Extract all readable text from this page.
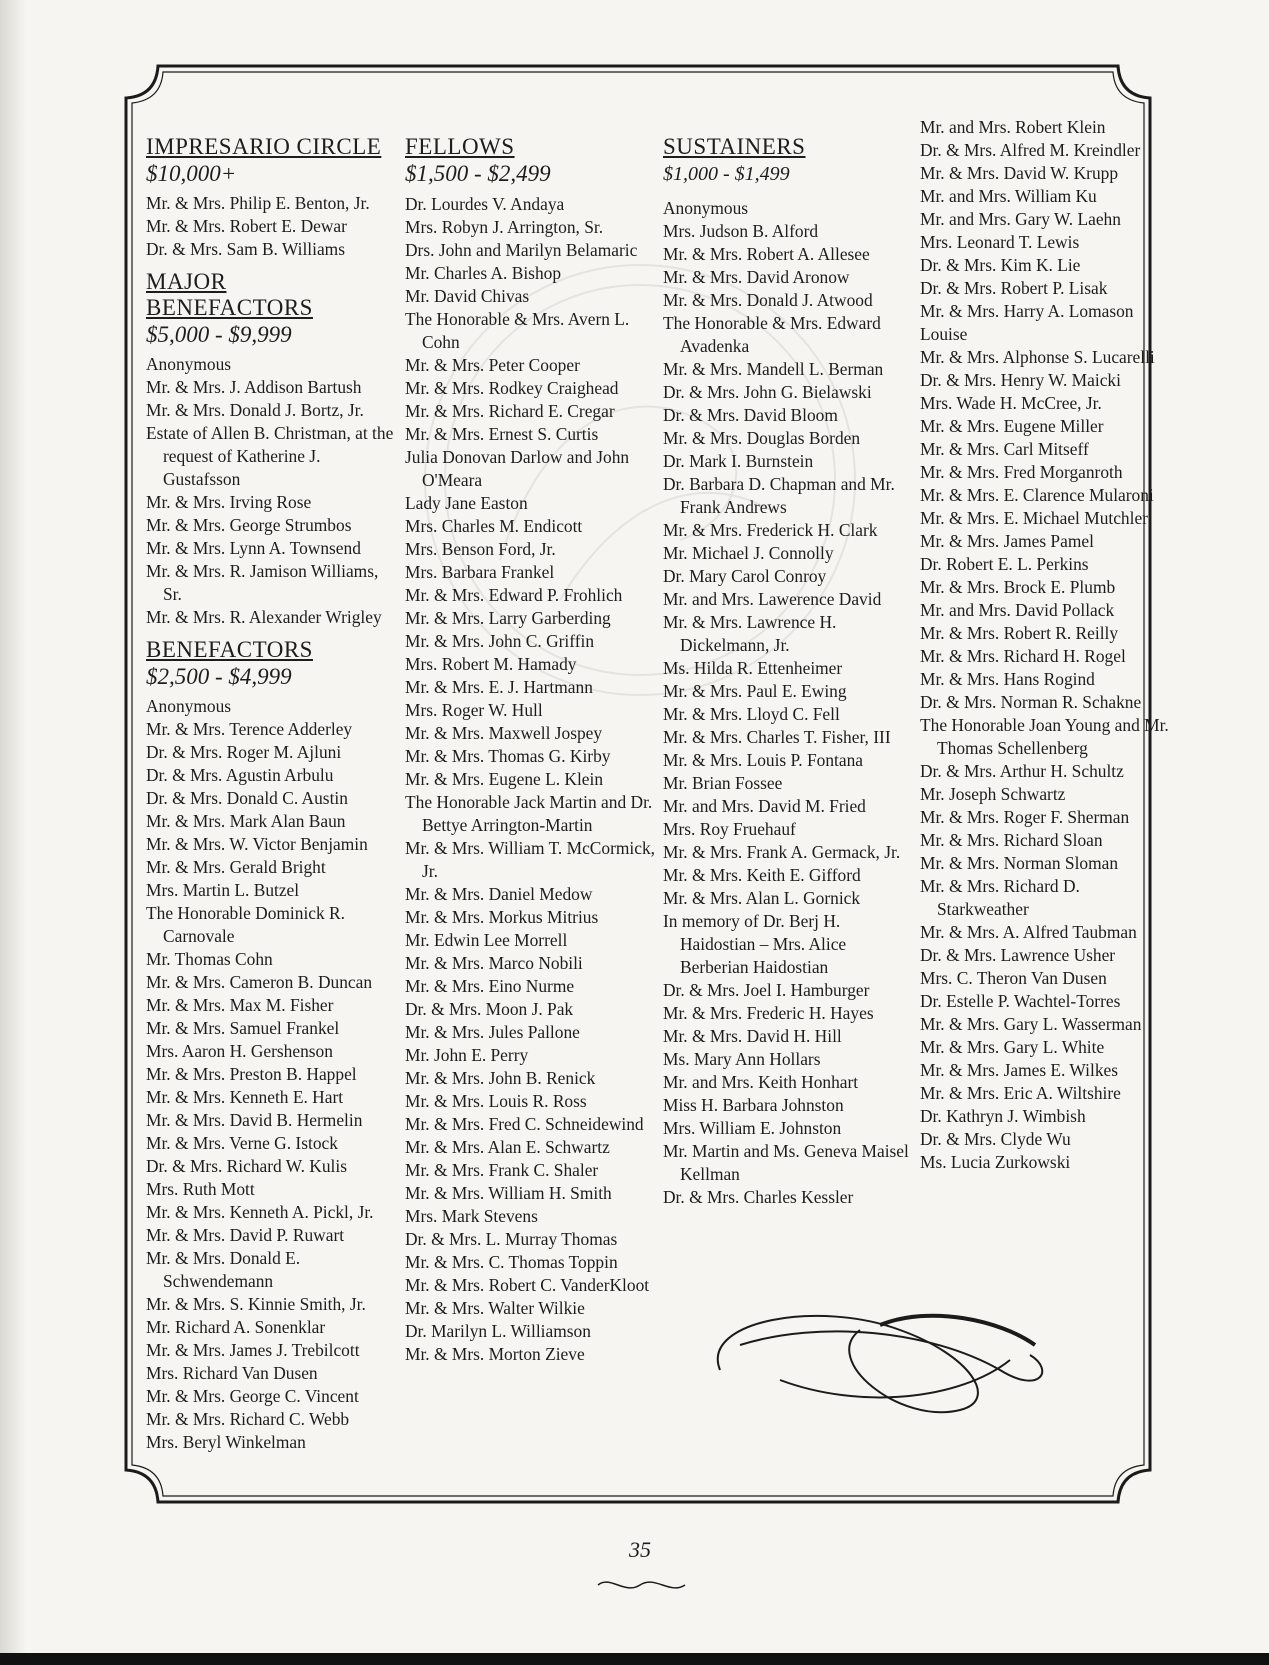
IMPRESARIO CIRCLE
$10,000+
Mr. & Mrs. Philip E. Benton, Jr.
Mr. & Mrs. Robert E. Dewar
Dr. & Mrs. Sam B. Williams
MAJOR BENEFACTORS
$5,000 - $9,999
Anonymous
Mr. & Mrs. J. Addison Bartush
Mr. & Mrs. Donald J. Bortz, Jr.
Estate of Allen B. Christman, at the request of Katherine J. Gustafsson
Mr. & Mrs. Irving Rose
Mr. & Mrs. George Strumbos
Mr. & Mrs. Lynn A. Townsend
Mr. & Mrs. R. Jamison Williams, Sr.
Mr. & Mrs. R. Alexander Wrigley
BENEFACTORS
$2,500 - $4,999
Anonymous
Mr. & Mrs. Terence Adderley
Dr. & Mrs. Roger M. Ajluni
Dr. & Mrs. Agustin Arbulu
Dr. & Mrs. Donald C. Austin
Mr. & Mrs. Mark Alan Baun
Mr. & Mrs. W. Victor Benjamin
Mr. & Mrs. Gerald Bright
Mrs. Martin L. Butzel
The Honorable Dominick R. Carnovale
Mr. Thomas Cohn
Mr. & Mrs. Cameron B. Duncan
Mr. & Mrs. Max M. Fisher
Mr. & Mrs. Samuel Frankel
Mrs. Aaron H. Gershenson
Mr. & Mrs. Preston B. Happel
Mr. & Mrs. Kenneth E. Hart
Mr. & Mrs. David B. Hermelin
Mr. & Mrs. Verne G. Istock
Dr. & Mrs. Richard W. Kulis
Mrs. Ruth Mott
Mr. & Mrs. Kenneth A. Pickl, Jr.
Mr. & Mrs. David P. Ruwart
Mr. & Mrs. Donald E. Schwendemann
Mr. & Mrs. S. Kinnie Smith, Jr.
Mr. Richard A. Sonenklar
Mr. & Mrs. James J. Trebilcott
Mrs. Richard Van Dusen
Mr. & Mrs. George C. Vincent
Mr. & Mrs. Richard C. Webb
Mrs. Beryl Winkelman
FELLOWS
$1,500 - $2,499
Dr. Lourdes V. Andaya
Mrs. Robyn J. Arrington, Sr.
Drs. John and Marilyn Belamaric
Mr. Charles A. Bishop
Mr. David Chivas
The Honorable & Mrs. Avern L. Cohn
Mr. & Mrs. Peter Cooper
Mr. & Mrs. Rodkey Craighead
Mr. & Mrs. Richard E. Cregar
Mr. & Mrs. Ernest S. Curtis
Julia Donovan Darlow and John O'Meara
Lady Jane Easton
Mrs. Charles M. Endicott
Mrs. Benson Ford, Jr.
Mrs. Barbara Frankel
Mr. & Mrs. Edward P. Frohlich
Mr. & Mrs. Larry Garberding
Mr. & Mrs. John C. Griffin
Mrs. Robert M. Hamady
Mr. & Mrs. E. J. Hartmann
Mrs. Roger W. Hull
Mr. & Mrs. Maxwell Jospey
Mr. & Mrs. Thomas G. Kirby
Mr. & Mrs. Eugene L. Klein
The Honorable Jack Martin and Dr. Bettye Arrington-Martin
Mr. & Mrs. William T. McCormick, Jr.
Mr. & Mrs. Daniel Medow
Mr. & Mrs. Morkus Mitrius
Mr. Edwin Lee Morrell
Mr. & Mrs. Marco Nobili
Mr. & Mrs. Eino Nurme
Dr. & Mrs. Moon J. Pak
Mr. & Mrs. Jules Pallone
Mr. John E. Perry
Mr. & Mrs. John B. Renick
Mr. & Mrs. Louis R. Ross
Mr. & Mrs. Fred C. Schneidewind
Mr. & Mrs. Alan E. Schwartz
Mr. & Mrs. Frank C. Shaler
Mr. & Mrs. William H. Smith
Mrs. Mark Stevens
Dr. & Mrs. L. Murray Thomas
Mr. & Mrs. C. Thomas Toppin
Mr. & Mrs. Robert C. VanderKloot
Mr. & Mrs. Walter Wilkie
Dr. Marilyn L. Williamson
Mr. & Mrs. Morton Zieve
SUSTAINERS
$1,000 - $1,499
Anonymous
Mrs. Judson B. Alford
Mr. & Mrs. Robert A. Allesee
Mr. & Mrs. David Aronow
Mr. & Mrs. Donald J. Atwood
The Honorable & Mrs. Edward Avadenka
Mr. & Mrs. Mandell L. Berman
Dr. & Mrs. John G. Bielawski
Dr. & Mrs. David Bloom
Mr. & Mrs. Douglas Borden
Dr. Mark I. Burnstein
Dr. Barbara D. Chapman and Mr. Frank Andrews
Mr. & Mrs. Frederick H. Clark
Mr. Michael J. Connolly
Dr. Mary Carol Conroy
Mr. and Mrs. Lawerence David
Mr. & Mrs. Lawrence H. Dickelmann, Jr.
Ms. Hilda R. Ettenheimer
Mr. & Mrs. Paul E. Ewing
Mr. & Mrs. Lloyd C. Fell
Mr. & Mrs. Charles T. Fisher, III
Mr. & Mrs. Louis P. Fontana
Mr. Brian Fossee
Mr. and Mrs. David M. Fried
Mrs. Roy Fruehauf
Mr. & Mrs. Frank A. Germack, Jr.
Mr. & Mrs. Keith E. Gifford
Mr. & Mrs. Alan L. Gornick
In memory of Dr. Berj H. Haidostian – Mrs. Alice Berberian Haidostian
Dr. & Mrs. Joel I. Hamburger
Mr. & Mrs. Frederic H. Hayes
Mr. & Mrs. David H. Hill
Ms. Mary Ann Hollars
Mr. and Mrs. Keith Honhart
Miss H. Barbara Johnston
Mrs. William E. Johnston
Mr. Martin and Ms. Geneva Maisel Kellman
Dr. & Mrs. Charles Kessler
Mr. and Mrs. Robert Klein
Dr. & Mrs. Alfred M. Kreindler
Mr. & Mrs. David W. Krupp
Mr. and Mrs. William Ku
Mr. and Mrs. Gary W. Laehn
Mrs. Leonard T. Lewis
Dr. & Mrs. Kim K. Lie
Dr. & Mrs. Robert P. Lisak
Mr. & Mrs. Harry A. Lomason
Louise
Mr. & Mrs. Alphonse S. Lucarelli
Dr. & Mrs. Henry W. Maicki
Mrs. Wade H. McCree, Jr.
Mr. & Mrs. Eugene Miller
Mr. & Mrs. Carl Mitseff
Mr. & Mrs. Fred Morganroth
Mr. & Mrs. E. Clarence Mularoni
Mr. & Mrs. E. Michael Mutchler
Mr. & Mrs. James Pamel
Dr. Robert E. L. Perkins
Mr. & Mrs. Brock E. Plumb
Mr. and Mrs. David Pollack
Mr. & Mrs. Robert R. Reilly
Mr. & Mrs. Richard H. Rogel
Mr. & Mrs. Hans Rogind
Dr. & Mrs. Norman R. Schakne
The Honorable Joan Young and Mr. Thomas Schellenberg
Dr. & Mrs. Arthur H. Schultz
Mr. Joseph Schwartz
Mr. & Mrs. Roger F. Sherman
Mr. & Mrs. Richard Sloan
Mr. & Mrs. Norman Sloman
Mr. & Mrs. Richard D. Starkweather
Mr. & Mrs. A. Alfred Taubman
Dr. & Mrs. Lawrence Usher
Mrs. C. Theron Van Dusen
Dr. Estelle P. Wachtel-Torres
Mr. & Mrs. Gary L. Wasserman
Mr. & Mrs. Gary L. White
Mr. & Mrs. James E. Wilkes
Mr. & Mrs. Eric A. Wiltshire
Dr. Kathryn J. Wimbish
Dr. & Mrs. Clyde Wu
Ms. Lucia Zurkowski
35
